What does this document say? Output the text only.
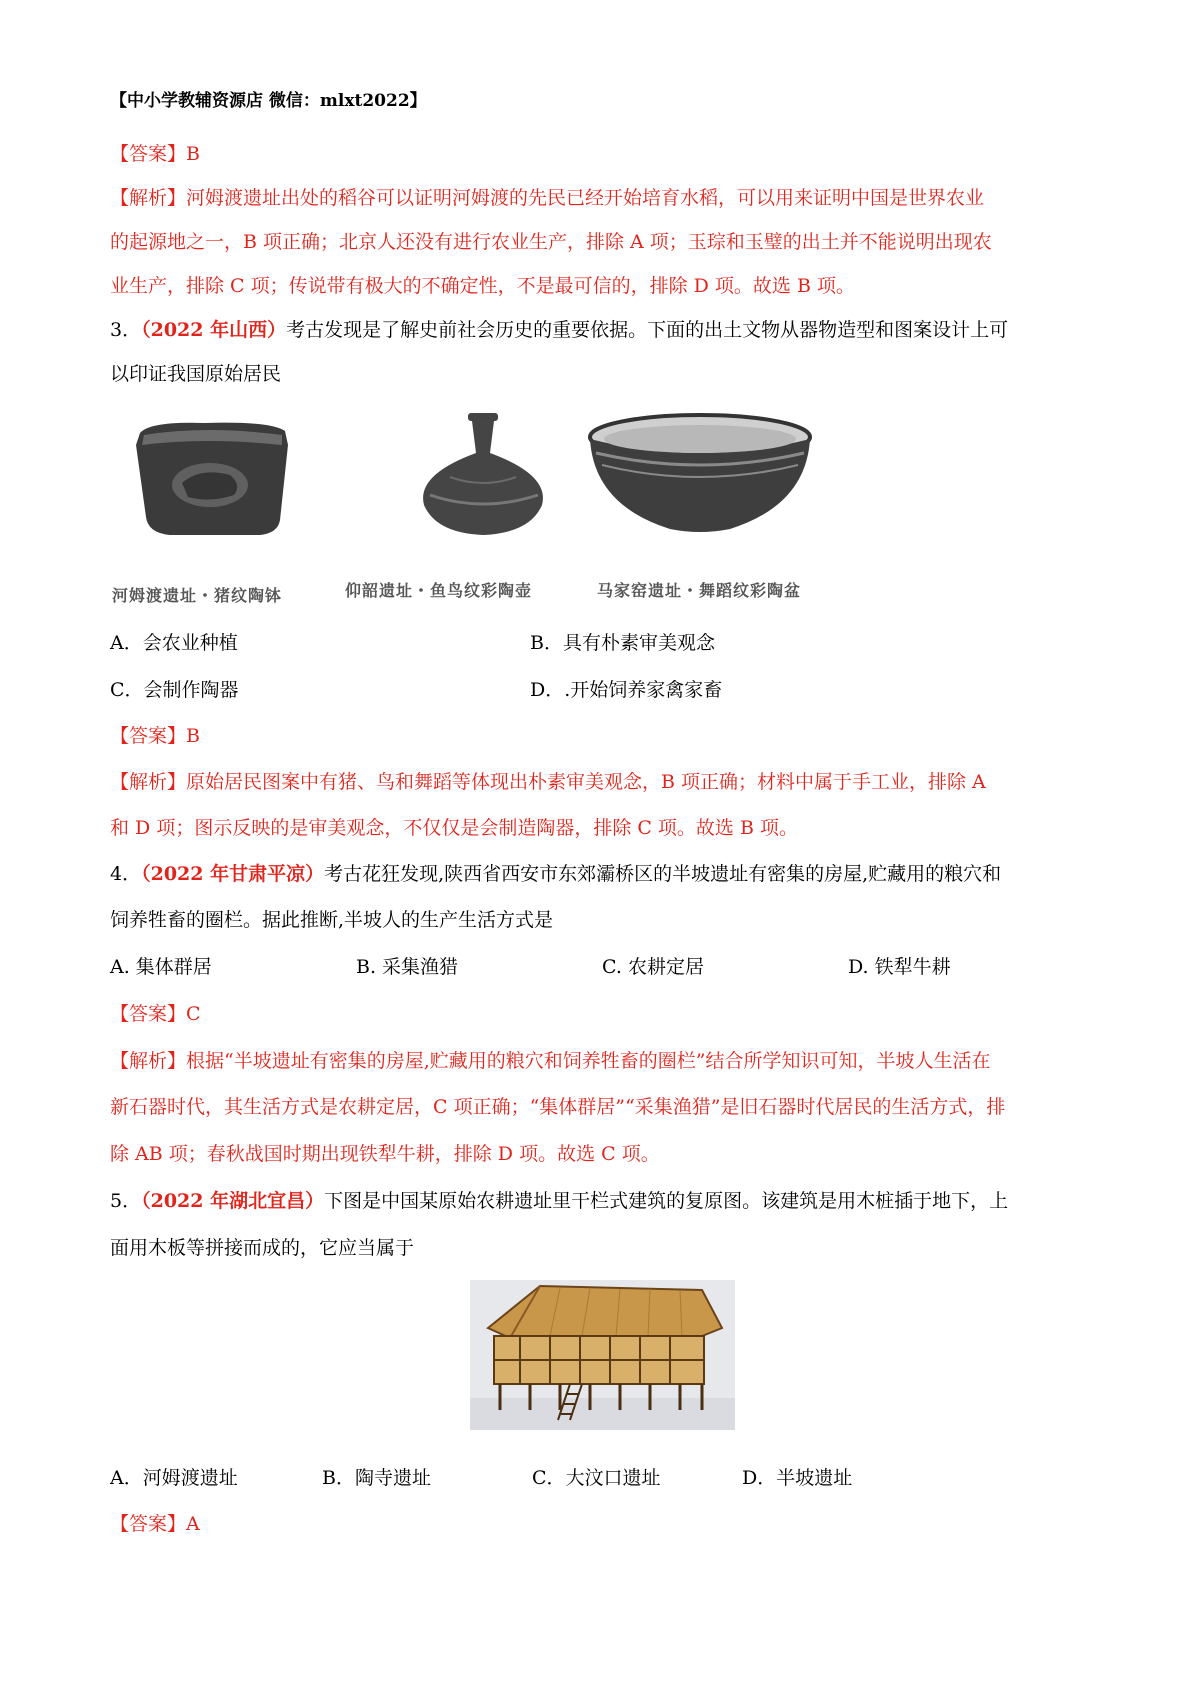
【中小学教辅资源店 微信：mlxt2022】
【答案】B
【解析】河姆渡遗址出处的稻谷可以证明河姆渡的先民已经开始培育水稻，可以用来证明中国是世界农业
的起源地之一，B 项正确；北京人还没有进行农业生产，排除 A 项；玉琮和玉璧的出土并不能说明出现农
业生产，排除 C 项；传说带有极大的不确定性，不是最可信的，排除 D 项。故选 B 项。
3．（2022 年山西）考古发现是了解史前社会历史的重要依据。下面的出土文物从器物造型和图案设计上可
以印证我国原始居民
河姆渡遗址・猪纹陶钵	仰韶遗址・鱼鸟纹彩陶壶	马家窑遗址・舞蹈纹彩陶盆
A．会农业种植	B．具有朴素审美观念
C．会制作陶器	D．.开始饲养家禽家畜
【答案】B
【解析】原始居民图案中有猪、鸟和舞蹈等体现出朴素审美观念，B 项正确；材料中属于手工业，排除 A
和 D 项；图示反映的是审美观念，不仅仅是会制造陶器，排除 C 项。故选 B 项。
4．（2022 年甘肃平凉）考古花狂发现,陕西省西安市东郊灞桥区的半坡遗址有密集的房屋,贮藏用的粮穴和
饲养牲畜的圈栏。据此推断,半坡人的生产生活方式是
A. 集体群居	B. 采集渔猎	C. 农耕定居	D. 铁犁牛耕
【答案】C
【解析】根据“半坡遗址有密集的房屋,贮藏用的粮穴和饲养牲畜的圈栏”结合所学知识可知，半坡人生活在
新石器时代，其生活方式是农耕定居，C 项正确；“集体群居”“采集渔猎”是旧石器时代居民的生活方式，排
除 AB 项；春秋战国时期出现铁犁牛耕，排除 D 项。故选 C 项。
5．（2022 年湖北宜昌）下图是中国某原始农耕遗址里干栏式建筑的复原图。该建筑是用木桩插于地下，上
面用木板等拼接而成的，它应当属于
A．河姆渡遗址	B．陶寺遗址	C．大汶口遗址	D．半坡遗址
【答案】A
